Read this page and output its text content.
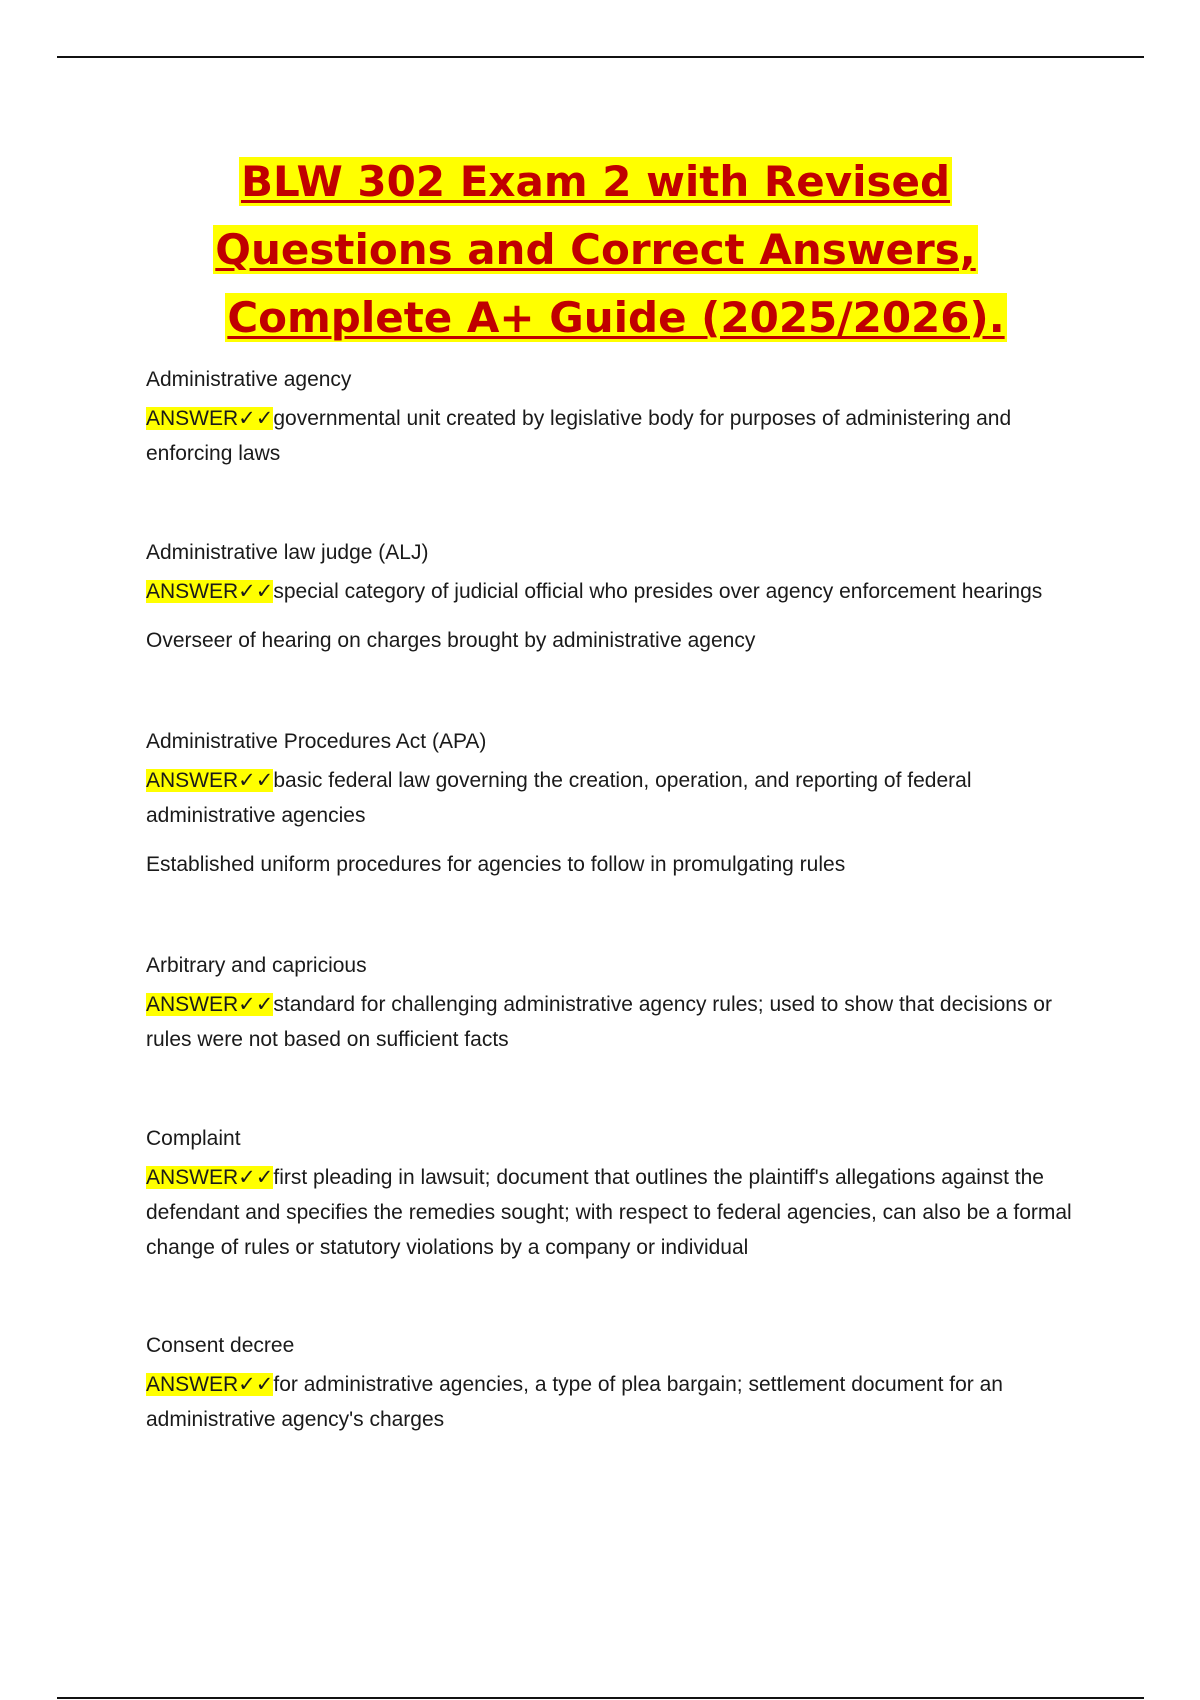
BLW 302 Exam 2 with Revised
Questions and Correct Answers,
Complete A+ Guide (2025/2026).

Administrative agency

ANSWER✓✓governmental unit created by legislative body for purposes of administering and enforcing laws

Administrative law judge (ALJ)

ANSWER✓✓special category of judicial official who presides over agency enforcement hearings

Overseer of hearing on charges brought by administrative agency

Administrative Procedures Act (APA)

ANSWER✓✓basic federal law governing the creation, operation, and reporting of federal administrative agencies

Established uniform procedures for agencies to follow in promulgating rules

Arbitrary and capricious

ANSWER✓✓standard for challenging administrative agency rules; used to show that decisions or rules were not based on sufficient facts

Complaint

ANSWER✓✓first pleading in lawsuit; document that outlines the plaintiff's allegations against the defendant and specifies the remedies sought; with respect to federal agencies, can also be a formal change of rules or statutory violations by a company or individual

Consent decree

ANSWER✓✓for administrative agencies, a type of plea bargain; settlement document for an administrative agency's charges
